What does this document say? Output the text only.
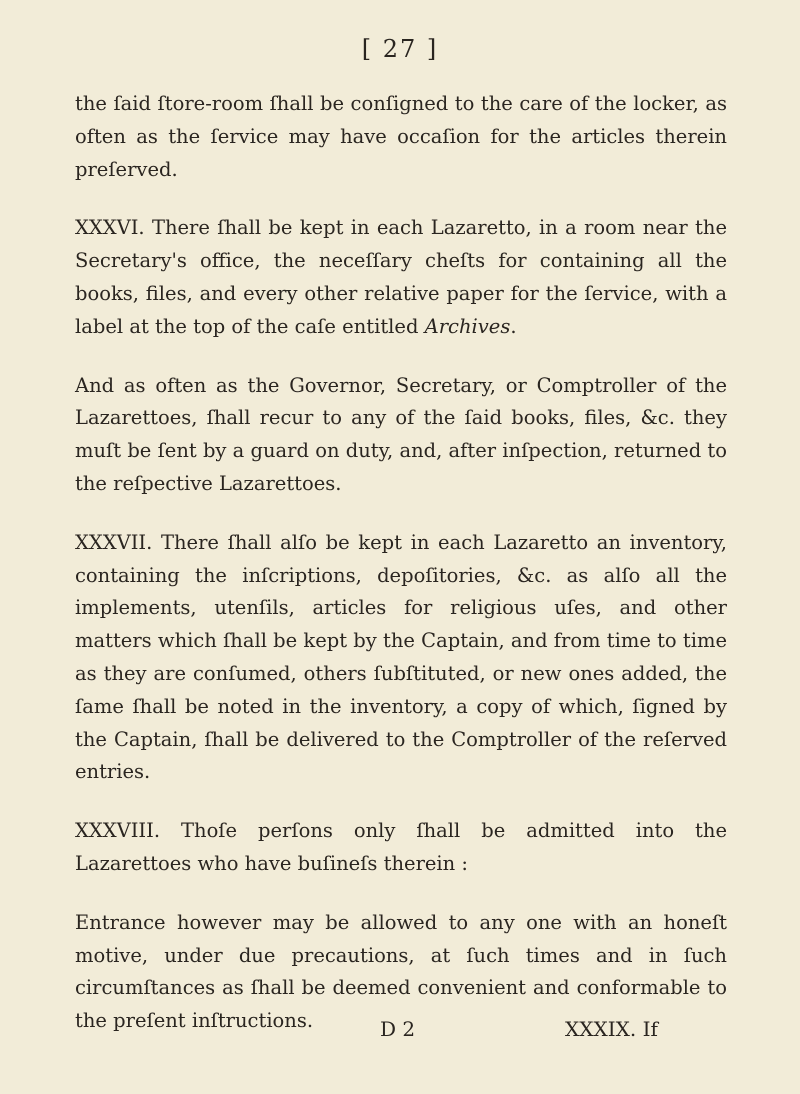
[ 27 ]

the ſaid ſtore-room ſhall be conſigned to the care of the locker, as often as the ſervice may have occaſion for the articles therein preſerved.

XXXVI. There ſhall be kept in each Lazaretto, in a room near the Secretary's office, the neceſſary cheſts for containing all the books, files, and every other relative paper for the ſervice, with a label at the top of the caſe entitled Archives.

And as often as the Governor, Secretary, or Comptroller of the Lazarettoes, ſhall recur to any of the ſaid books, files, &c. they muſt be ſent by a guard on duty, and, after inſpection, returned to the reſpective Lazarettoes.

XXXVII. There ſhall alſo be kept in each Lazaretto an inventory, containing the inſcriptions, depoſitories, &c. as alſo all the implements, utenſils, articles for religious uſes, and other matters which ſhall be kept by the Captain, and from time to time as they are conſumed, others ſubſtituted, or new ones added, the ſame ſhall be noted in the inventory, a copy of which, ſigned by the Captain, ſhall be delivered to the Comptroller of the reſerved entries.

XXXVIII. Thoſe perſons only ſhall be admitted into the Lazarettoes who have buſineſs therein :

Entrance however may be allowed to any one with an honeſt motive, under due precautions, at ſuch times and in ſuch circumſtances as ſhall be deemed convenient and conformable to the preſent inſtructions.	D 2	XXXIX. If
